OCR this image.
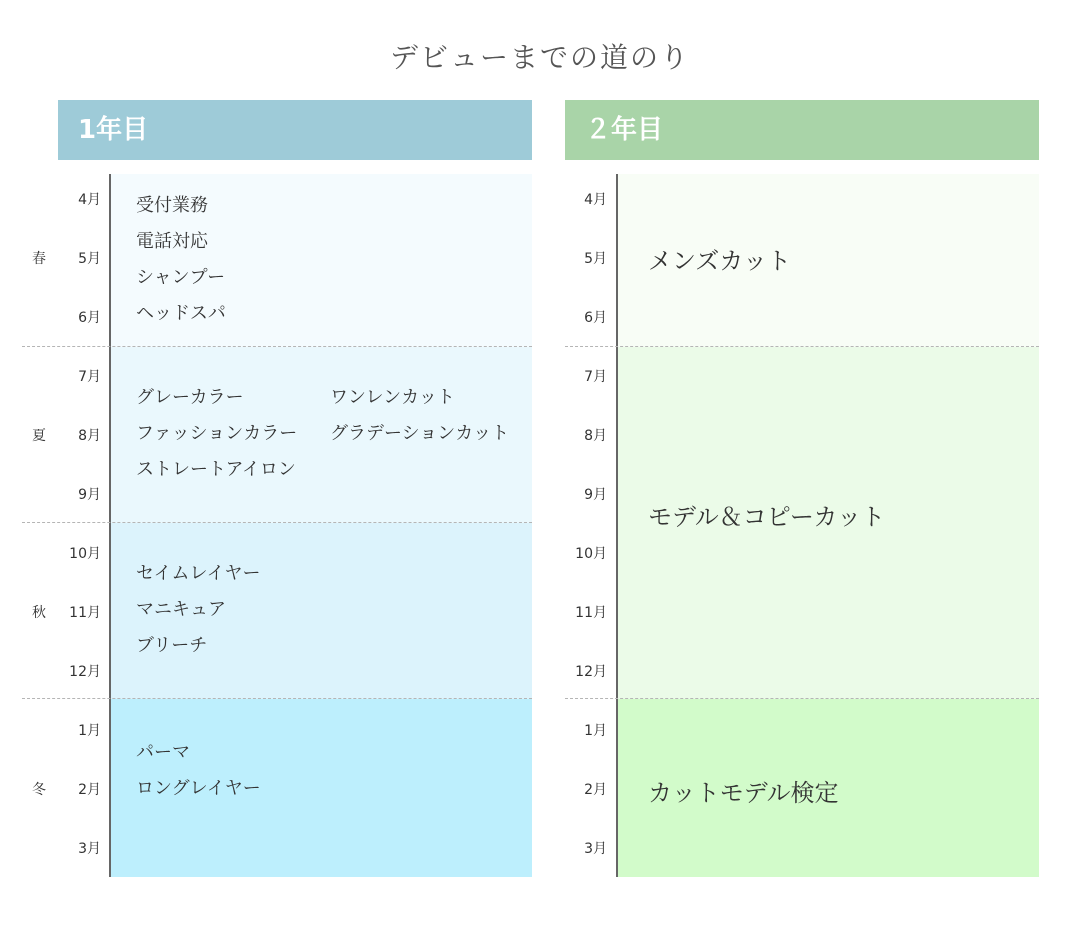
デビューまでの道のり
1年目	２年目
春
夏
秋
冬
4月
5月
6月
7月
8月
9月
10月
11月
12月
1月
2月
3月
4月
5月
6月
7月
8月
9月
10月
11月
12月
1月
2月
3月
受付業務
電話対応
シャンプー
ヘッドスパ
グレーカラー
ファッションカラー
ストレートアイロン
ワンレンカット
グラデーションカット
セイムレイヤー
マニキュア
ブリーチ
パーマ
ロングレイヤー
メンズカット
モデル＆コピーカット
カットモデル検定
